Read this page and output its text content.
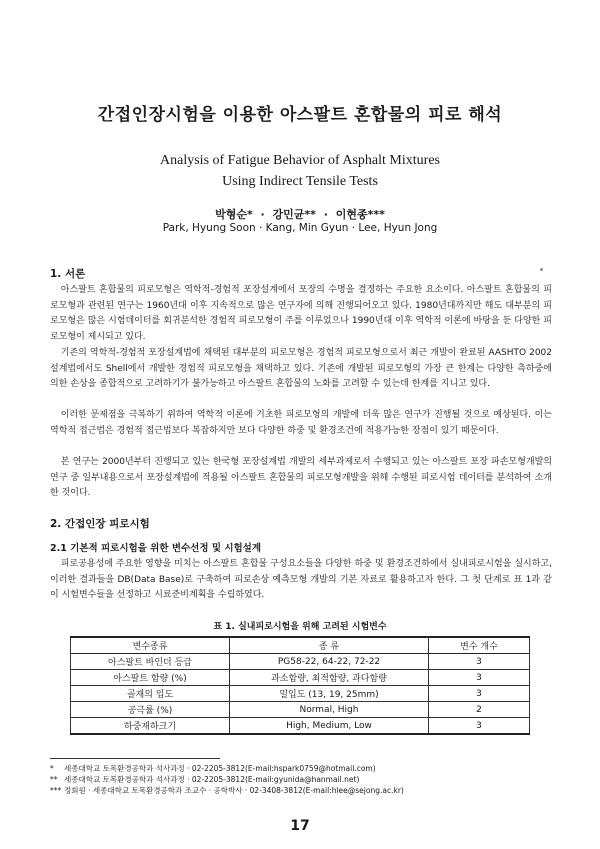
간접인장시험을 이용한 아스팔트 혼합물의 피로 해석
Analysis of Fatigue Behavior of Asphalt Mixtures
Using Indirect Tensile Tests
박형순* · 강민균** · 이현종***
Park, Hyung Soon · Kang, Min Gyun · Lee, Hyun Jong
1. 서론

아스팔트 혼합물의 피로모형은 역학적-경험적 포장설계에서 포장의 수명을 결정하는 주요한 요소이다. 아스팔트 혼합물의 피로모형과 관련된 연구는 1960년대 이후 지속적으로 많은 연구자에 의해 진행되어오고 있다. 1980년대까지만 해도 대부분의 피로모형은 많은 시험데이터를 회귀분석한 경험적 피로모형이 주를 이루었으나 1990년대 이후 역학적 이론에 바탕을 둔 다양한 피로모형이 제시되고 있다.

기존의 역학적-경험적 포장설계법에 채택된 대부분의 피로모형은 경험적 피로모형으로서 최근 개발이 완료된 AASHTO 2002 설계법에서도 Shell에서 개발한 경험적 피로모형을 채택하고 있다. 기존에 개발된 피로모형의 가장 큰 한계는 다양한 측하중에 의한 손상을 종합적으로 고려하기가 불가능하고 아스팔트 혼합물의 노화를 고려할 수 있는데 한계를 지니고 있다.

이러한 문제점을 극복하기 위하여 역학적 이론에 기초한 피로모형의 개발에 더욱 많은 연구가 진행될 것으로 예상된다. 이는 역학적 접근법은 경험적 접근법보다 복잡하지만 보다 다양한 하중 및 환경조건에 적용가능한 장점이 있기 때문이다.

본 연구는 2000년부터 진행되고 있는 한국형 포장설계법 개발의 세부과제로서 수행되고 있는 아스팔트 포장 파손모형개발의 연구 중 일부내용으로서 포장설계법에 적용될 아스팔트 혼합물의 피로모형개발을 위해 수행된 피로시험 데이터를 분석하여 소개한 것이다.

2. 간접인장 피로시험
2.1 기본적 피로시험을 위한 변수선정 및 시험설계

피로공용성에 주요한 영향을 미치는 아스팔트 혼합물 구성요소들을 다양한 하중 및 환경조건하에서 실내피로시험을 실시하고, 이러한 결과들을 DB(Data Base)로 구축하여 피로손상 예측모형 개발의 기본 자료로 활용하고자 한다. 그 첫 단계로 표 1과 같이 시험변수들을 선정하고 시료준비계획을 수립하였다.

표 1. 실내피로시험을 위해 고려된 시험변수
변수종류	종 류	변수 개수
아스팔트 바인더 등급	PG58-22, 64-22, 72-22	3
아스팔트 함량 (%)	과소함량, 최적함량, 과다함량	3
골재의 입도	밀입도 (13, 19, 25mm)	3
공극률 (%)	Normal, High	2
하중재하크기	High, Medium, Low	3
* 세종대학교 토목환경공학과 석사과정 · 02-2205-3812(E-mail:hspark0759@hotmail.com)
** 세종대학교 토목환경공학과 석사과정 · 02-2205-3812(E-mail:gyunida@hanmail.net)
*** 정회원 · 세종대학교 토목환경공학과 조교수 · 공학박사 · 02-3408-3812(E-mail:hlee@sejong.ac.kr)
17
